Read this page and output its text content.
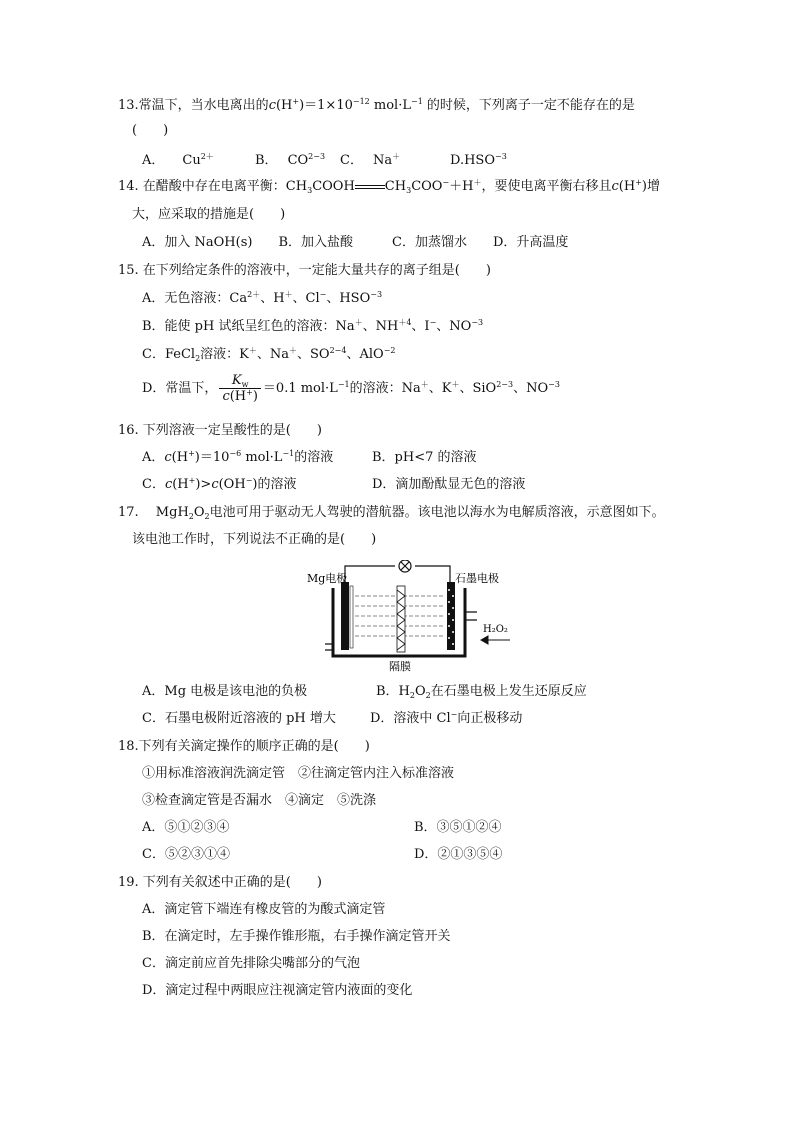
13.常温下，当水电离出的$c(H^+)=1\times 10^{-12}$ $mol\cdot L^{-1}$ 的时候，下列离子一定不能存在的是
(　　)
A． $Cu^{2+}$	B． $CO^{2-3}$ C． Na＋	$D.HSO^{-3}$
14. 在醋酸中存在电离平衡：$CH_3COOH$ $CH_3COO^-+H^+$，要使电离平衡右移且c(H+)增
大，应采取的措施是(　　)
A．加入 NaOH(s)　　B．加入盐酸　　　C．加蒸馏水　　D．升高温度
15. 在下列给定条件的溶液中，一定能大量共存的离子组是(　　)
A．无色溶液：$Ca^{2+}$、H＋、Cl−、$HSO^{-3}$
B．能使 pH 试纸呈红色的溶液：Na＋、$NH^{+4}$、I−、$NO^{-3}$
C．FeCl$_2$溶液：K＋、Na＋、$SO^{2-4}$、AlO$^{-2}$
D．常温下， $\frac{K_w}{c(H^+)} =0.1$ $mol\cdot L^{-1}$的溶液：Na＋、K＋、SiO$^{2-3}$、$NO^{-3}$
16. 下列溶液一定呈酸性的是(　　)
A．$c(H^+)=10^{-6}$ $mol\cdot L^{-1}$的溶液	B．pH<7 的溶液
C．c(H+)>c(OH−)的溶液	D．滴加酚酞显无色的溶液
17.　 $MgH_2O_2$电池可用于驱动无人驾驶的潜航器。该电池以海水为电解质溶液，示意图如下。
该电池工作时，下列说法不正确的是(　　)
Mg电极	石墨电极
H₂O₂
隔膜
A．Mg 电极是该电池的负极	B．$H_2O_2$在石墨电极上发生还原反应
C．石墨电极附近溶液的 pH 增大	D．溶液中 Cl−向正极移动
18.下列有关滴定操作的顺序正确的是(　　)
①用标准溶液润洗滴定管　②往滴定管内注入标准溶液
③检查滴定管是否漏水　④滴定　⑤洗涤
A．⑤①②③④	B．③⑤①②④
C．⑤②③①④	D．②①③⑤④
19. 下列有关叙述中正确的是(　　)
A．滴定管下端连有橡皮管的为酸式滴定管
B．在滴定时，左手操作锥形瓶，右手操作滴定管开关
C．滴定前应首先排除尖嘴部分的气泡
D．滴定过程中两眼应注视滴定管内液面的变化
